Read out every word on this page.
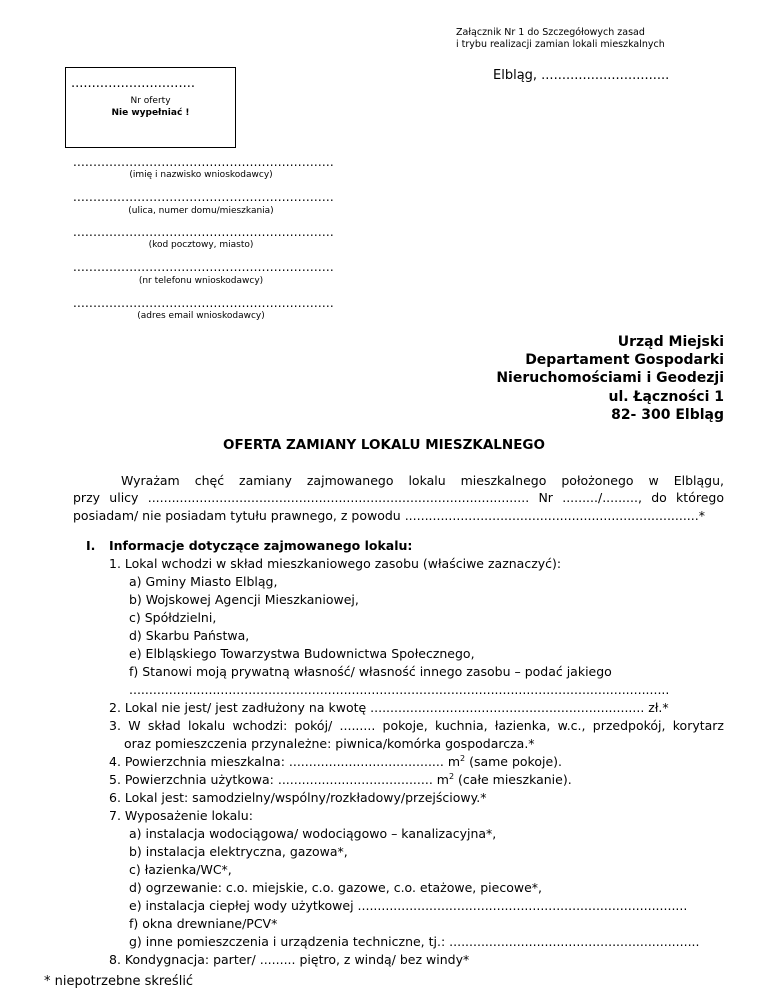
Załącznik Nr 1 do Szczegółowych zasad
i trybu realizacji zamian lokali mieszkalnych
Elbląg, ...............................
..............................
Nr oferty
Nie wypełniać !
.................................................................
(imię i nazwisko wnioskodawcy)
.................................................................
(ulica, numer domu/mieszkania)
.................................................................
(kod pocztowy, miasto)
.................................................................
(nr telefonu wnioskodawcy)
.................................................................
(adres email wnioskodawcy)
Urząd Miejski
Departament Gospodarki
Nieruchomościami i Geodezji
ul. Łączności 1
82- 300 Elbląg
OFERTA ZAMIANY LOKALU MIESZKALNEGO
Wyrażam chęć zamiany zajmowanego lokalu mieszkalnego położonego w Elblągu,
przy ulicy ................................................................................................ Nr ........./........., do którego
posiadam/ nie posiadam tytułu prawnego, z powodu ..........................................................................*
I. Informacje dotyczące zajmowanego lokalu:
1. Lokal wchodzi w skład mieszkaniowego zasobu (właściwe zaznaczyć):
a) Gminy Miasto Elbląg,
b) Wojskowej Agencji Mieszkaniowej,
c) Spółdzielni,
d) Skarbu Państwa,
e) Elbląskiego Towarzystwa Budownictwa Społecznego,
f) Stanowi moją prywatną własność/ własność innego zasobu – podać jakiego
........................................................................................................................................
2. Lokal nie jest/ jest zadłużony na kwotę ..................................................................... zł.*
3. W skład lokalu wchodzi: pokój/ ......... pokoje, kuchnia, łazienka, w.c., przedpokój, korytarz
oraz pomieszczenia przynależne: piwnica/komórka gospodarcza.*
4. Powierzchnia mieszkalna: ....................................... $m^2$ (same pokoje).
5. Powierzchnia użytkowa: ....................................... $m^2$ (całe mieszkanie).
6. Lokal jest: samodzielny/wspólny/rozkładowy/przejściowy.*
7. Wyposażenie lokalu:
a) instalacja wodociągowa/ wodociągowo – kanalizacyjna*,
b) instalacja elektryczna, gazowa*,
c) łazienka/WC*,
d) ogrzewanie: c.o. miejskie, c.o. gazowe, c.o. etażowe, piecowe*,
e) instalacja ciepłej wody użytkowej ...................................................................................
f) okna drewniane/PCV*
g) inne pomieszczenia i urządzenia techniczne, tj.: ...............................................................
8. Kondygnacja: parter/ ......... piętro, z windą/ bez windy*
* niepotrzebne skreślić
